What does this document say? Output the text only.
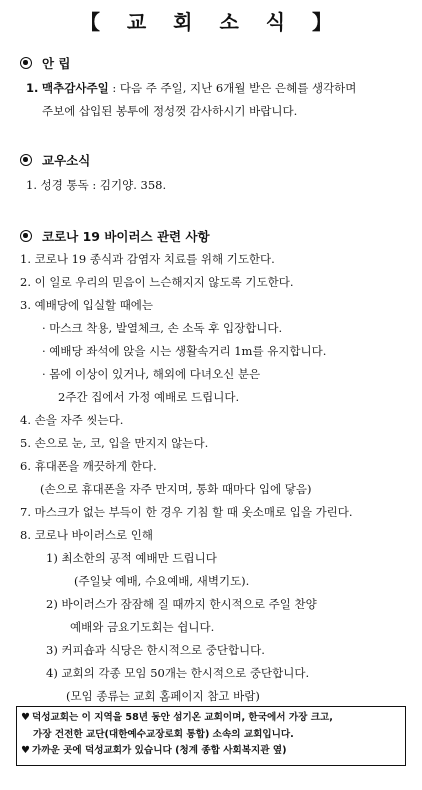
【 교 회 소 식 】
안 립
1. 맥추감사주일 : 다음 주 주일, 지난 6개월 받은 은혜를 생각하며
주보에 삽입된 봉투에 정성껏 감사하시기 바랍니다.
교우소식
1. 성경 통독 : 김기양. 358.
코로나 19 바이러스 관련 사항
1. 코로나 19 종식과 감염자 치료를 위해 기도한다.
2. 이 일로 우리의 믿음이 느슨해지지 않도록 기도한다.
3. 예배당에 입실할 때에는
· 마스크 착용, 발열체크, 손 소독 후 입장합니다.
· 예배당 좌석에 앉을 시는 생활속거리 1m를 유지합니다.
· 몸에 이상이 있거나, 해외에 다녀오신 분은
2주간 집에서 가정 예배로 드립니다.
4. 손을 자주 씻는다.
5. 손으로 눈, 코, 입을 만지지 않는다.
6. 휴대폰을 깨끗하게 한다.
(손으로 휴대폰을 자주 만지며, 통화 때마다 입에 닿음)
7. 마스크가 없는 부득이 한 경우 기침 할 때 옷소매로 입을 가린다.
8. 코로나 바이러스로 인해
1) 최소한의 공적 예배만 드립니다
(주일낮 예배, 수요예배, 새벽기도).
2) 바이러스가 잠잠해 질 때까지 한시적으로 주일 찬양
예배와 금요기도회는 쉽니다.
3) 커피숍과 식당은 한시적으로 중단합니다.
4) 교회의 각종 모임 50개는 한시적으로 중단합니다.
(모임 종류는 교회 홈페이지 참고 바람)
♥ 덕성교회는 이 지역을 58년 동안 섬기온 교회이며, 한국에서 가장 크고,
가장 건전한 교단(대한예수교장로회 통합) 소속의 교회입니다.
♥ 가까운 곳에 덕성교회가 있습니다 (청계 종합 사회복지관 옆)
